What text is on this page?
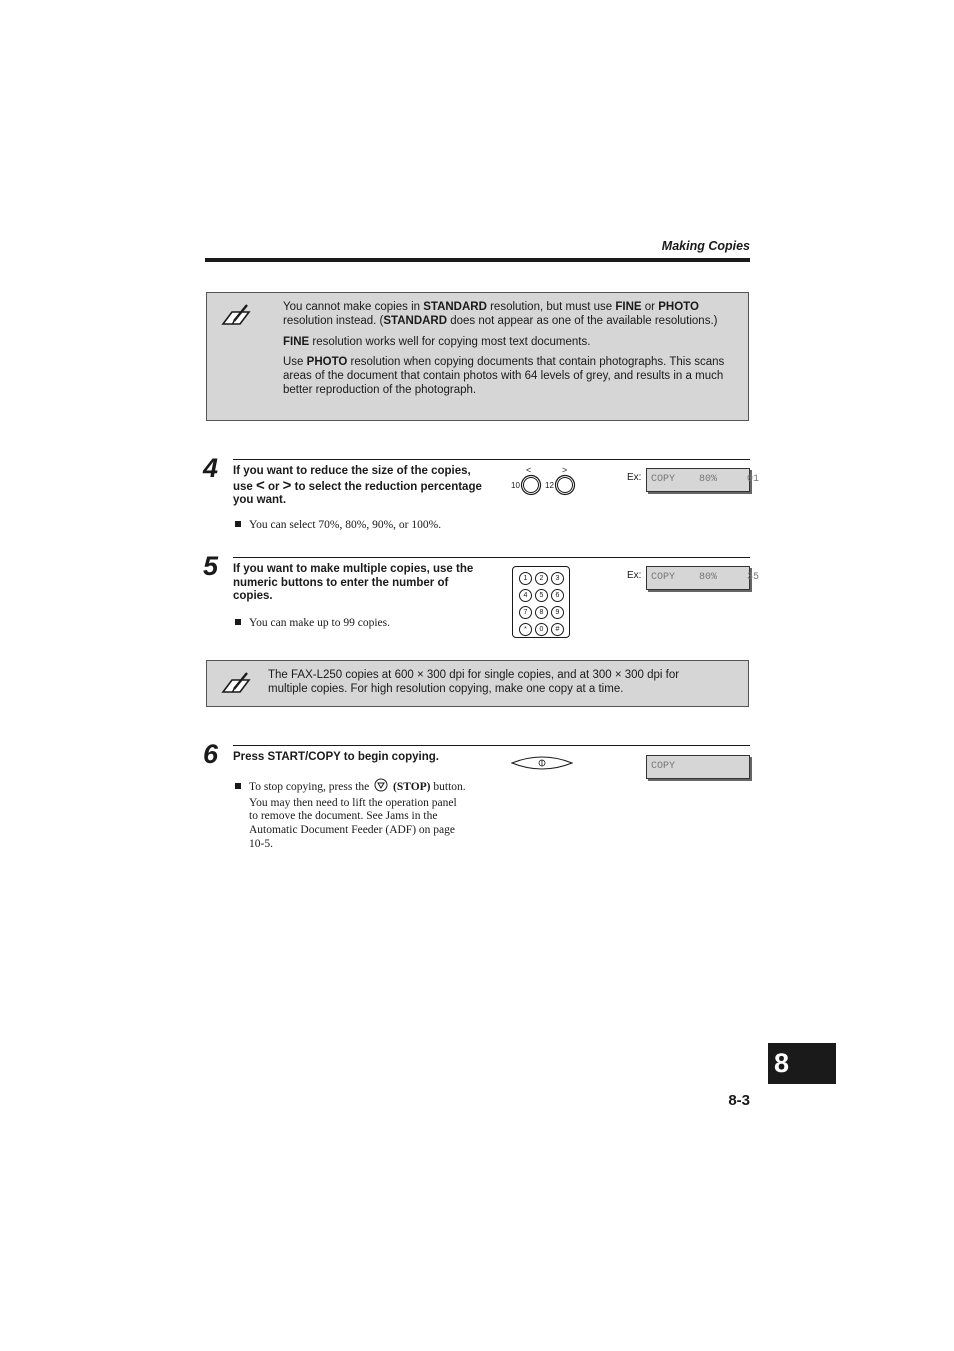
Making Copies

You cannot make copies in STANDARD resolution, but must use FINE or PHOTO resolution instead. (STANDARD does not appear as one of the available resolutions.)

FINE resolution works well for copying most text documents.

Use PHOTO resolution when copying documents that contain photographs. This scans areas of the document that contain photos with 64 levels of grey, and results in a much better reproduction of the photograph.

4 If you want to reduce the size of the copies,
use < or > to select the reduction percentage
you want.
You can select 70%, 80%, 90%, or 100%.
<	>
10	12
Ex: COPY    80%     01
5 If you want to make multiple copies, use the
numeric buttons to enter the number of
copies.
You can make up to 99 copies.
1	2	3
4	5	6
7	8	9
*	0	#
Ex: COPY    80%     35
The FAX-L250 copies at 600 × 300 dpi for single copies, and at 300 × 300 dpi for
multiple copies. For high resolution copying, make one copy at a time.
6 Press START/COPY to begin copying.
To stop copying, press the (STOP) button.
You may then need to lift the operation panel
to remove the document. See Jams in the
Automatic Document Feeder (ADF) on page
10-5.
COPY
8
8-3
